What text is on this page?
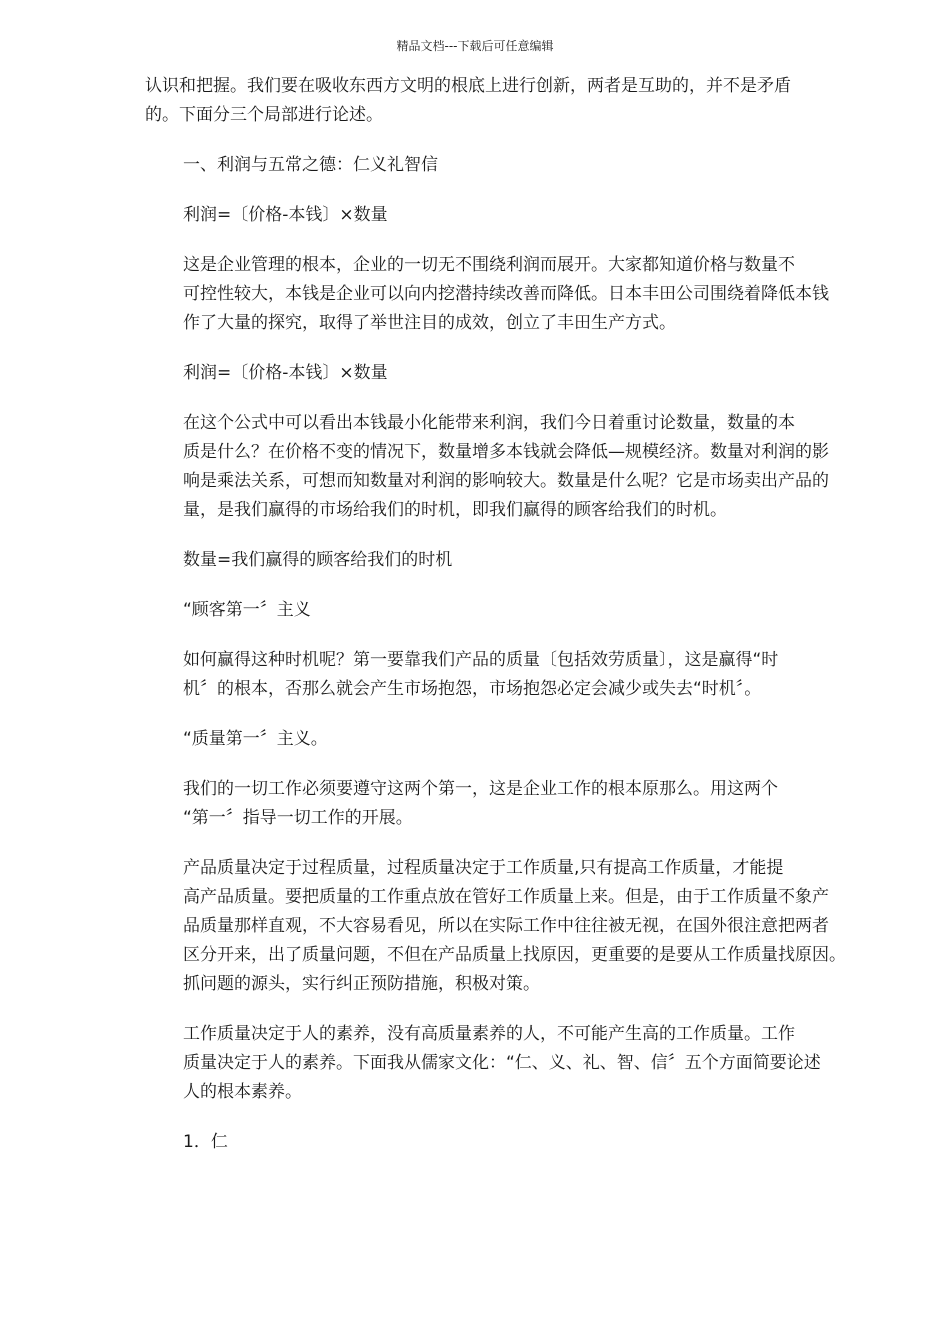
精品文档---下载后可任意编辑
认识和把握。我们要在吸收东西方文明的根底上进行创新，两者是互助的，并不是矛盾
的。下面分三个局部进行论述。
一、利润与五常之德：仁义礼智信
利润=〔价格-本钱〕×数量
这是企业管理的根本，企业的一切无不围绕利润而展开。大家都知道价格与数量不
可控性较大，本钱是企业可以向内挖潜持续改善而降低。日本丰田公司围绕着降低本钱
作了大量的探究，取得了举世注目的成效，创立了丰田生产方式。
利润=〔价格-本钱〕×数量
在这个公式中可以看出本钱最小化能带来利润，我们今日着重讨论数量，数量的本
质是什么？在价格不变的情况下，数量增多本钱就会降低—规模经济。数量对利润的影
响是乘法关系，可想而知数量对利润的影响较大。数量是什么呢？它是市场卖出产品的
量，是我们赢得的市场给我们的时机，即我们赢得的顾客给我们的时机。
数量=我们赢得的顾客给我们的时机
“顾客第一〞主义
如何赢得这种时机呢？第一要靠我们产品的质量〔包括效劳质量〕，这是赢得“时
机〞的根本，否那么就会产生市场抱怨，市场抱怨必定会减少或失去“时机〞。
“质量第一〞主义。
我们的一切工作必须要遵守这两个第一，这是企业工作的根本原那么。用这两个
“第一〞指导一切工作的开展。
产品质量决定于过程质量，过程质量决定于工作质量,只有提高工作质量，才能提
高产品质量。要把质量的工作重点放在管好工作质量上来。但是，由于工作质量不象产
品质量那样直观，不大容易看见，所以在实际工作中往往被无视，在国外很注意把两者
区分开来，出了质量问题，不但在产品质量上找原因，更重要的是要从工作质量找原因。
抓问题的源头，实行纠正预防措施，积极对策。
工作质量决定于人的素养，没有高质量素养的人，不可能产生高的工作质量。工作
质量决定于人的素养。下面我从儒家文化：“仁、义、礼、智、信〞五个方面简要论述
人的根本素养。
1．仁
